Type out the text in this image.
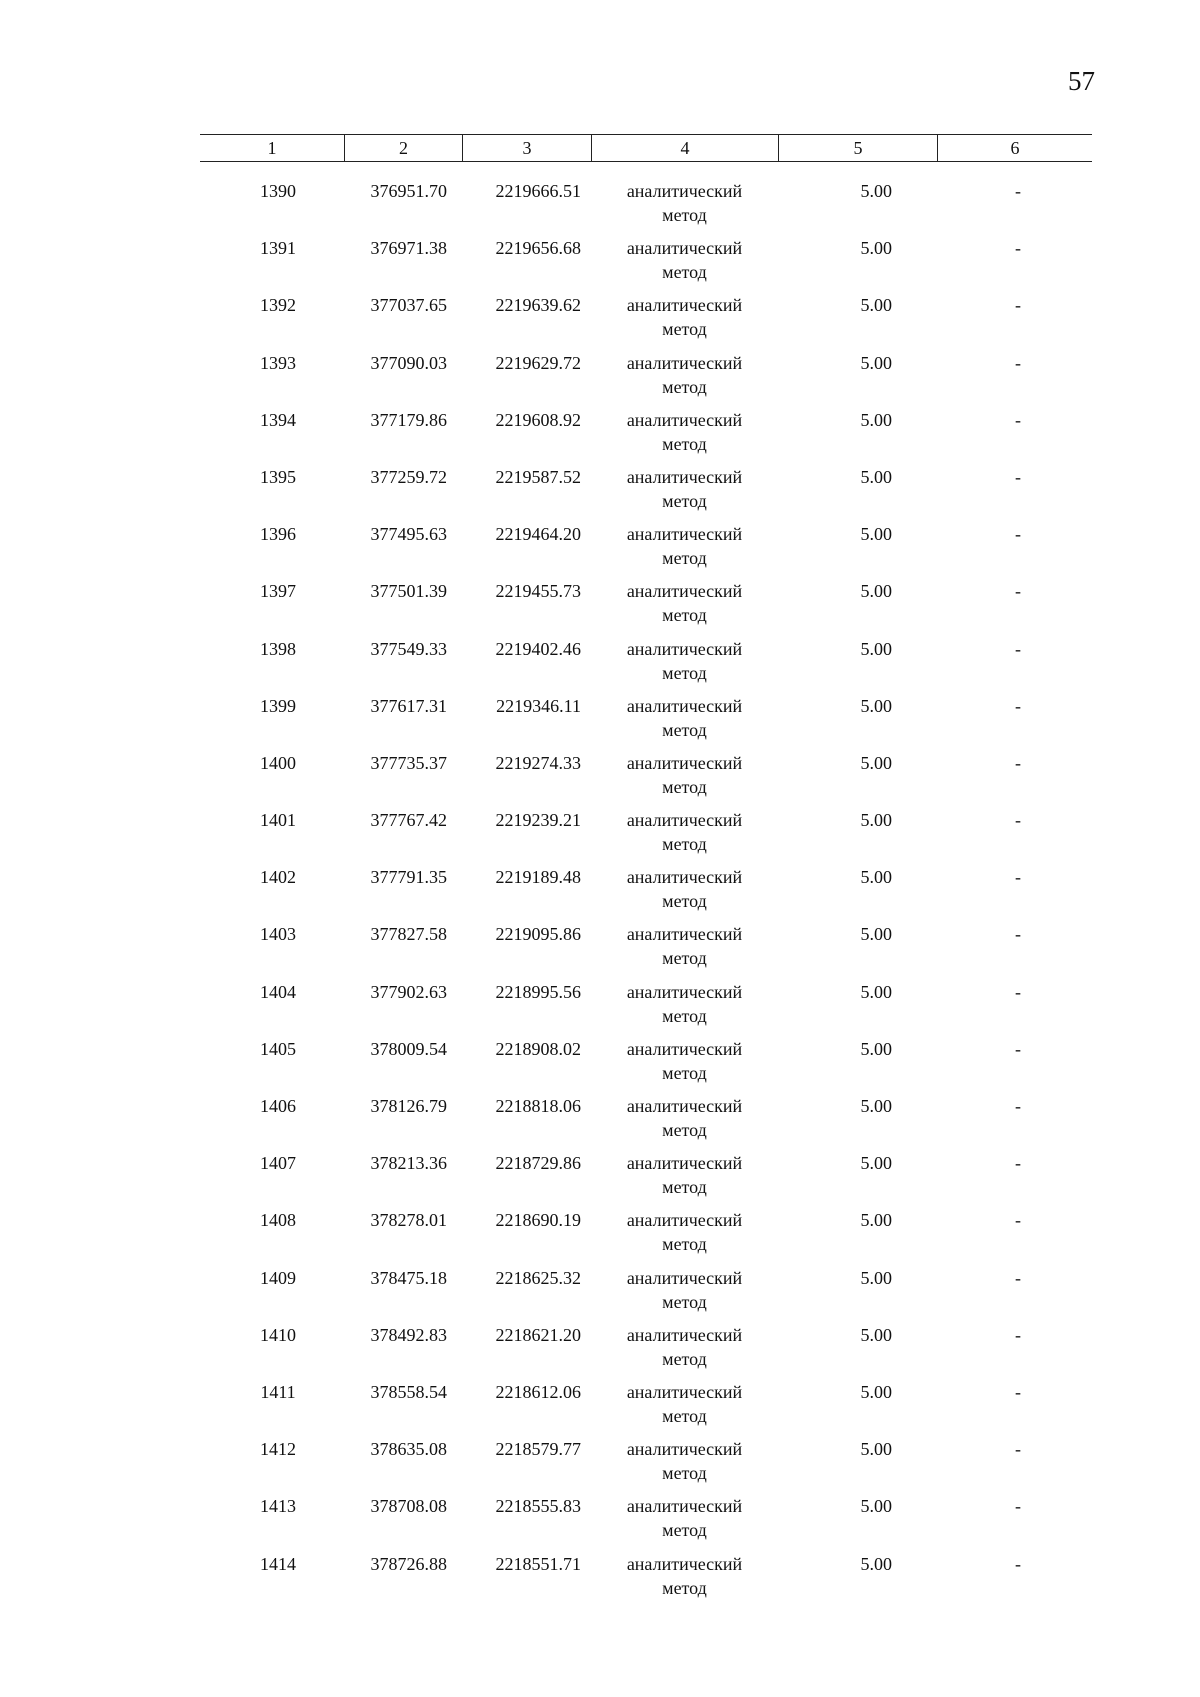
57
1	2	3	4	5	6
1390	376951.70	2219666.51	аналитический
метод
5.00	-
1391	376971.38	2219656.68	аналитический
метод
5.00	-
1392	377037.65	2219639.62	аналитический
метод
5.00	-
1393	377090.03	2219629.72	аналитический
метод
5.00	-
1394	377179.86	2219608.92	аналитический
метод
5.00	-
1395	377259.72	2219587.52	аналитический
метод
5.00	-
1396	377495.63	2219464.20	аналитический
метод
5.00	-
1397	377501.39	2219455.73	аналитический
метод
5.00	-
1398	377549.33	2219402.46	аналитический
метод
5.00	-
1399	377617.31	2219346.11	аналитический
метод
5.00	-
1400	377735.37	2219274.33	аналитический
метод
5.00	-
1401	377767.42	2219239.21	аналитический
метод
5.00	-
1402	377791.35	2219189.48	аналитический
метод
5.00	-
1403	377827.58	2219095.86	аналитический
метод
5.00	-
1404	377902.63	2218995.56	аналитический
метод
5.00	-
1405	378009.54	2218908.02	аналитический
метод
5.00	-
1406	378126.79	2218818.06	аналитический
метод
5.00	-
1407	378213.36	2218729.86	аналитический
метод
5.00	-
1408	378278.01	2218690.19	аналитический
метод
5.00	-
1409	378475.18	2218625.32	аналитический
метод
5.00	-
1410	378492.83	2218621.20	аналитический
метод
5.00	-
1411	378558.54	2218612.06	аналитический
метод
5.00	-
1412	378635.08	2218579.77	аналитический
метод
5.00	-
1413	378708.08	2218555.83	аналитический
метод
5.00	-
1414	378726.88	2218551.71	аналитический
метод
5.00	-
